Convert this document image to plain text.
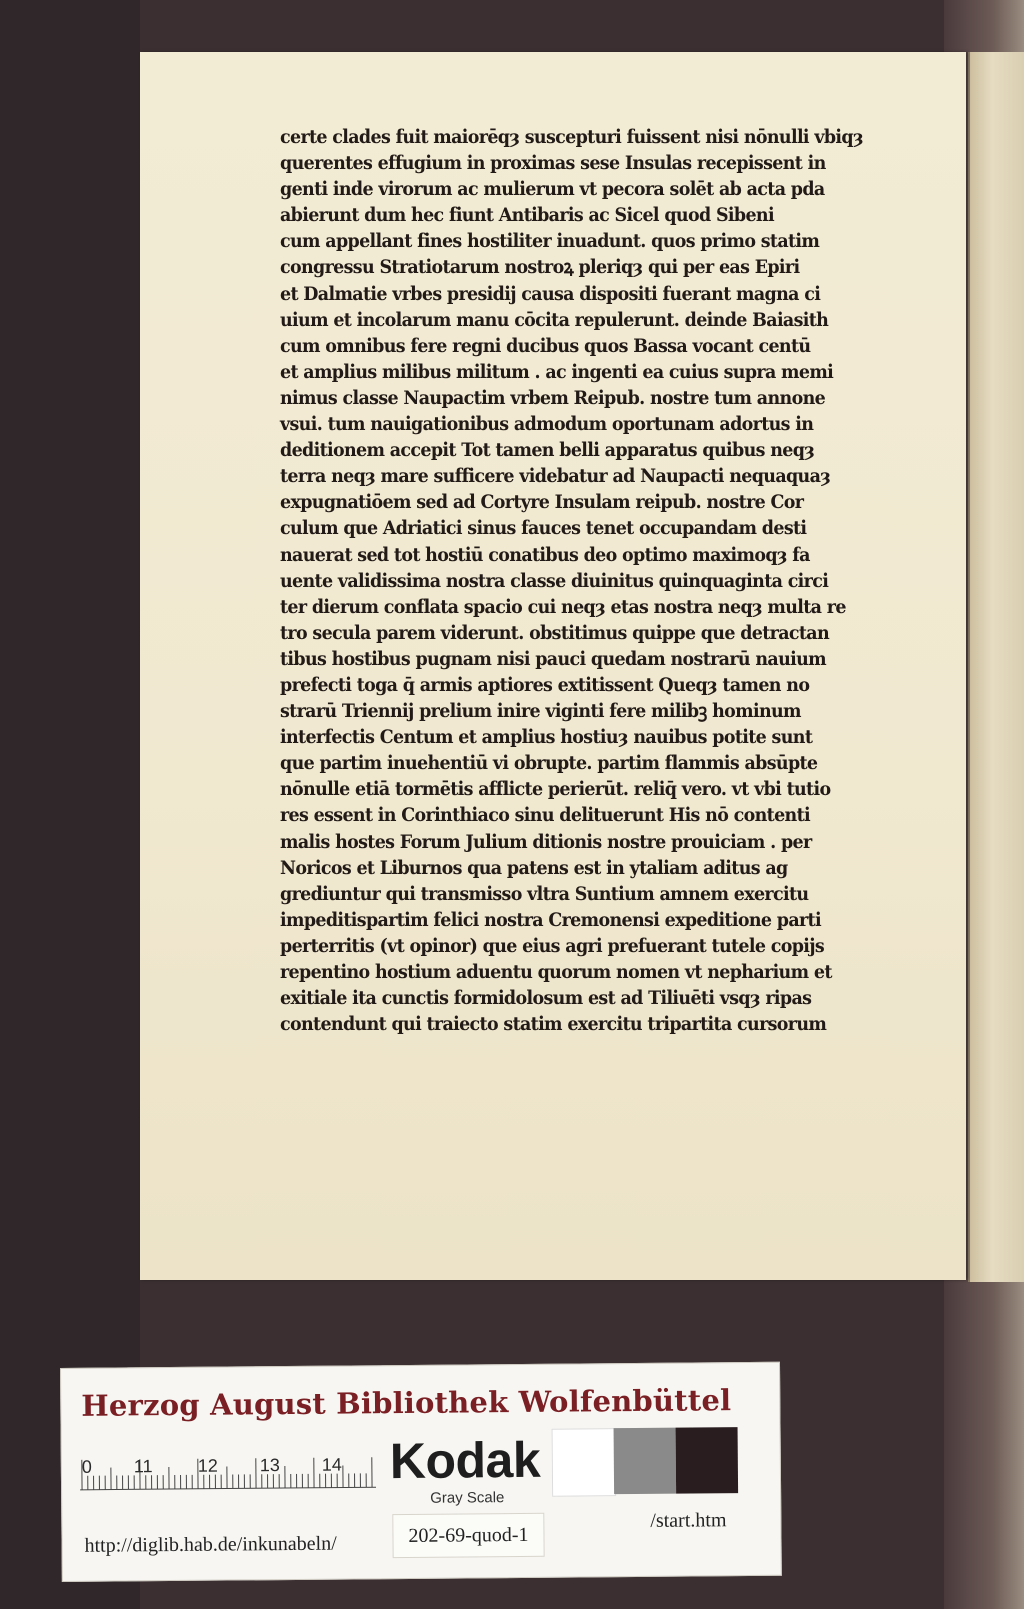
certe clades fuit maiorēqȝ suscepturi fuissent nisi nōnulli vbiqȝ
querentes effugium in proximas sese Insulas recepissent in
genti inde virorum ac mulierum vt pecora solēt ab acta pda
abierunt dum hec fiunt Antibaris ac Sicel quod Sibeni
cum appellant fines hostiliter inuadunt. quos primo statim
congressu Stratiotarum nostroꝝ pleriqȝ qui per eas Epiri
et Dalmatie vrbes presidij causa dispositi fuerant magna ci
uium et incolarum manu cōcita repulerunt. deinde Baiasith
cum omnibus fere regni ducibus quos Bassa vocant centū
et amplius milibus militum . ac ingenti ea cuius supra memi
nimus classe Naupactim vrbem Reipub. nostre tum annone
vsui. tum nauigationibus admodum oportunam adortus in
deditionem accepit Tot tamen belli apparatus quibus neqȝ
terra neqȝ mare sufficere videbatur ad Naupacti nequaquaȝ
expugnatiōem sed ad Cortyre Insulam reipub. nostre Cor
culum que Adriatici sinus fauces tenet occupandam desti
nauerat sed tot hostiū conatibus deo optimo maximoqȝ fa
uente validissima nostra classe diuinitus quinquaginta circi
ter dierum conflata spacio cui neqȝ etas nostra neqȝ multa re
tro secula parem viderunt. obstitimus quippe que detractan
tibus hostibus pugnam nisi pauci quedam nostrarū nauium
prefecti toga q̄ armis aptiores extitissent Queqȝ tamen no
strarū Triennij prelium inire viginti fere milibꝫ hominum
interfectis Centum et amplius hostiuȝ nauibus potite sunt
que partim inuehentiū vi obrupte. partim flammis absūpte
nōnulle etiā tormētis afflicte perierūt. reliq̄ vero. vt vbi tutio
res essent in Corinthiaco sinu delituerunt His nō contenti
malis hostes Forum Julium ditionis nostre prouiciam . per
Noricos et Liburnos qua patens est in ytaliam aditus ag
grediuntur qui transmisso vltra Suntium amnem exercitu
impeditispartim felici nostra Cremonensi expeditione parti
perterritis (vt opinor) que eius agri prefuerant tutele copijs
repentino hostium aduentu quorum nomen vt nepharium et
exitiale ita cunctis formidolosum est ad Tiliuēti vsqȝ ripas
contendunt qui traiecto statim exercitu tripartita cursorum
Herzog August Bibliothek Wolfenbüttel
0 11	12 13 14 Kodak
Gray Scale
http://diglib.hab.de/inkunabeln/	202-69-quod-1
/start.htm
